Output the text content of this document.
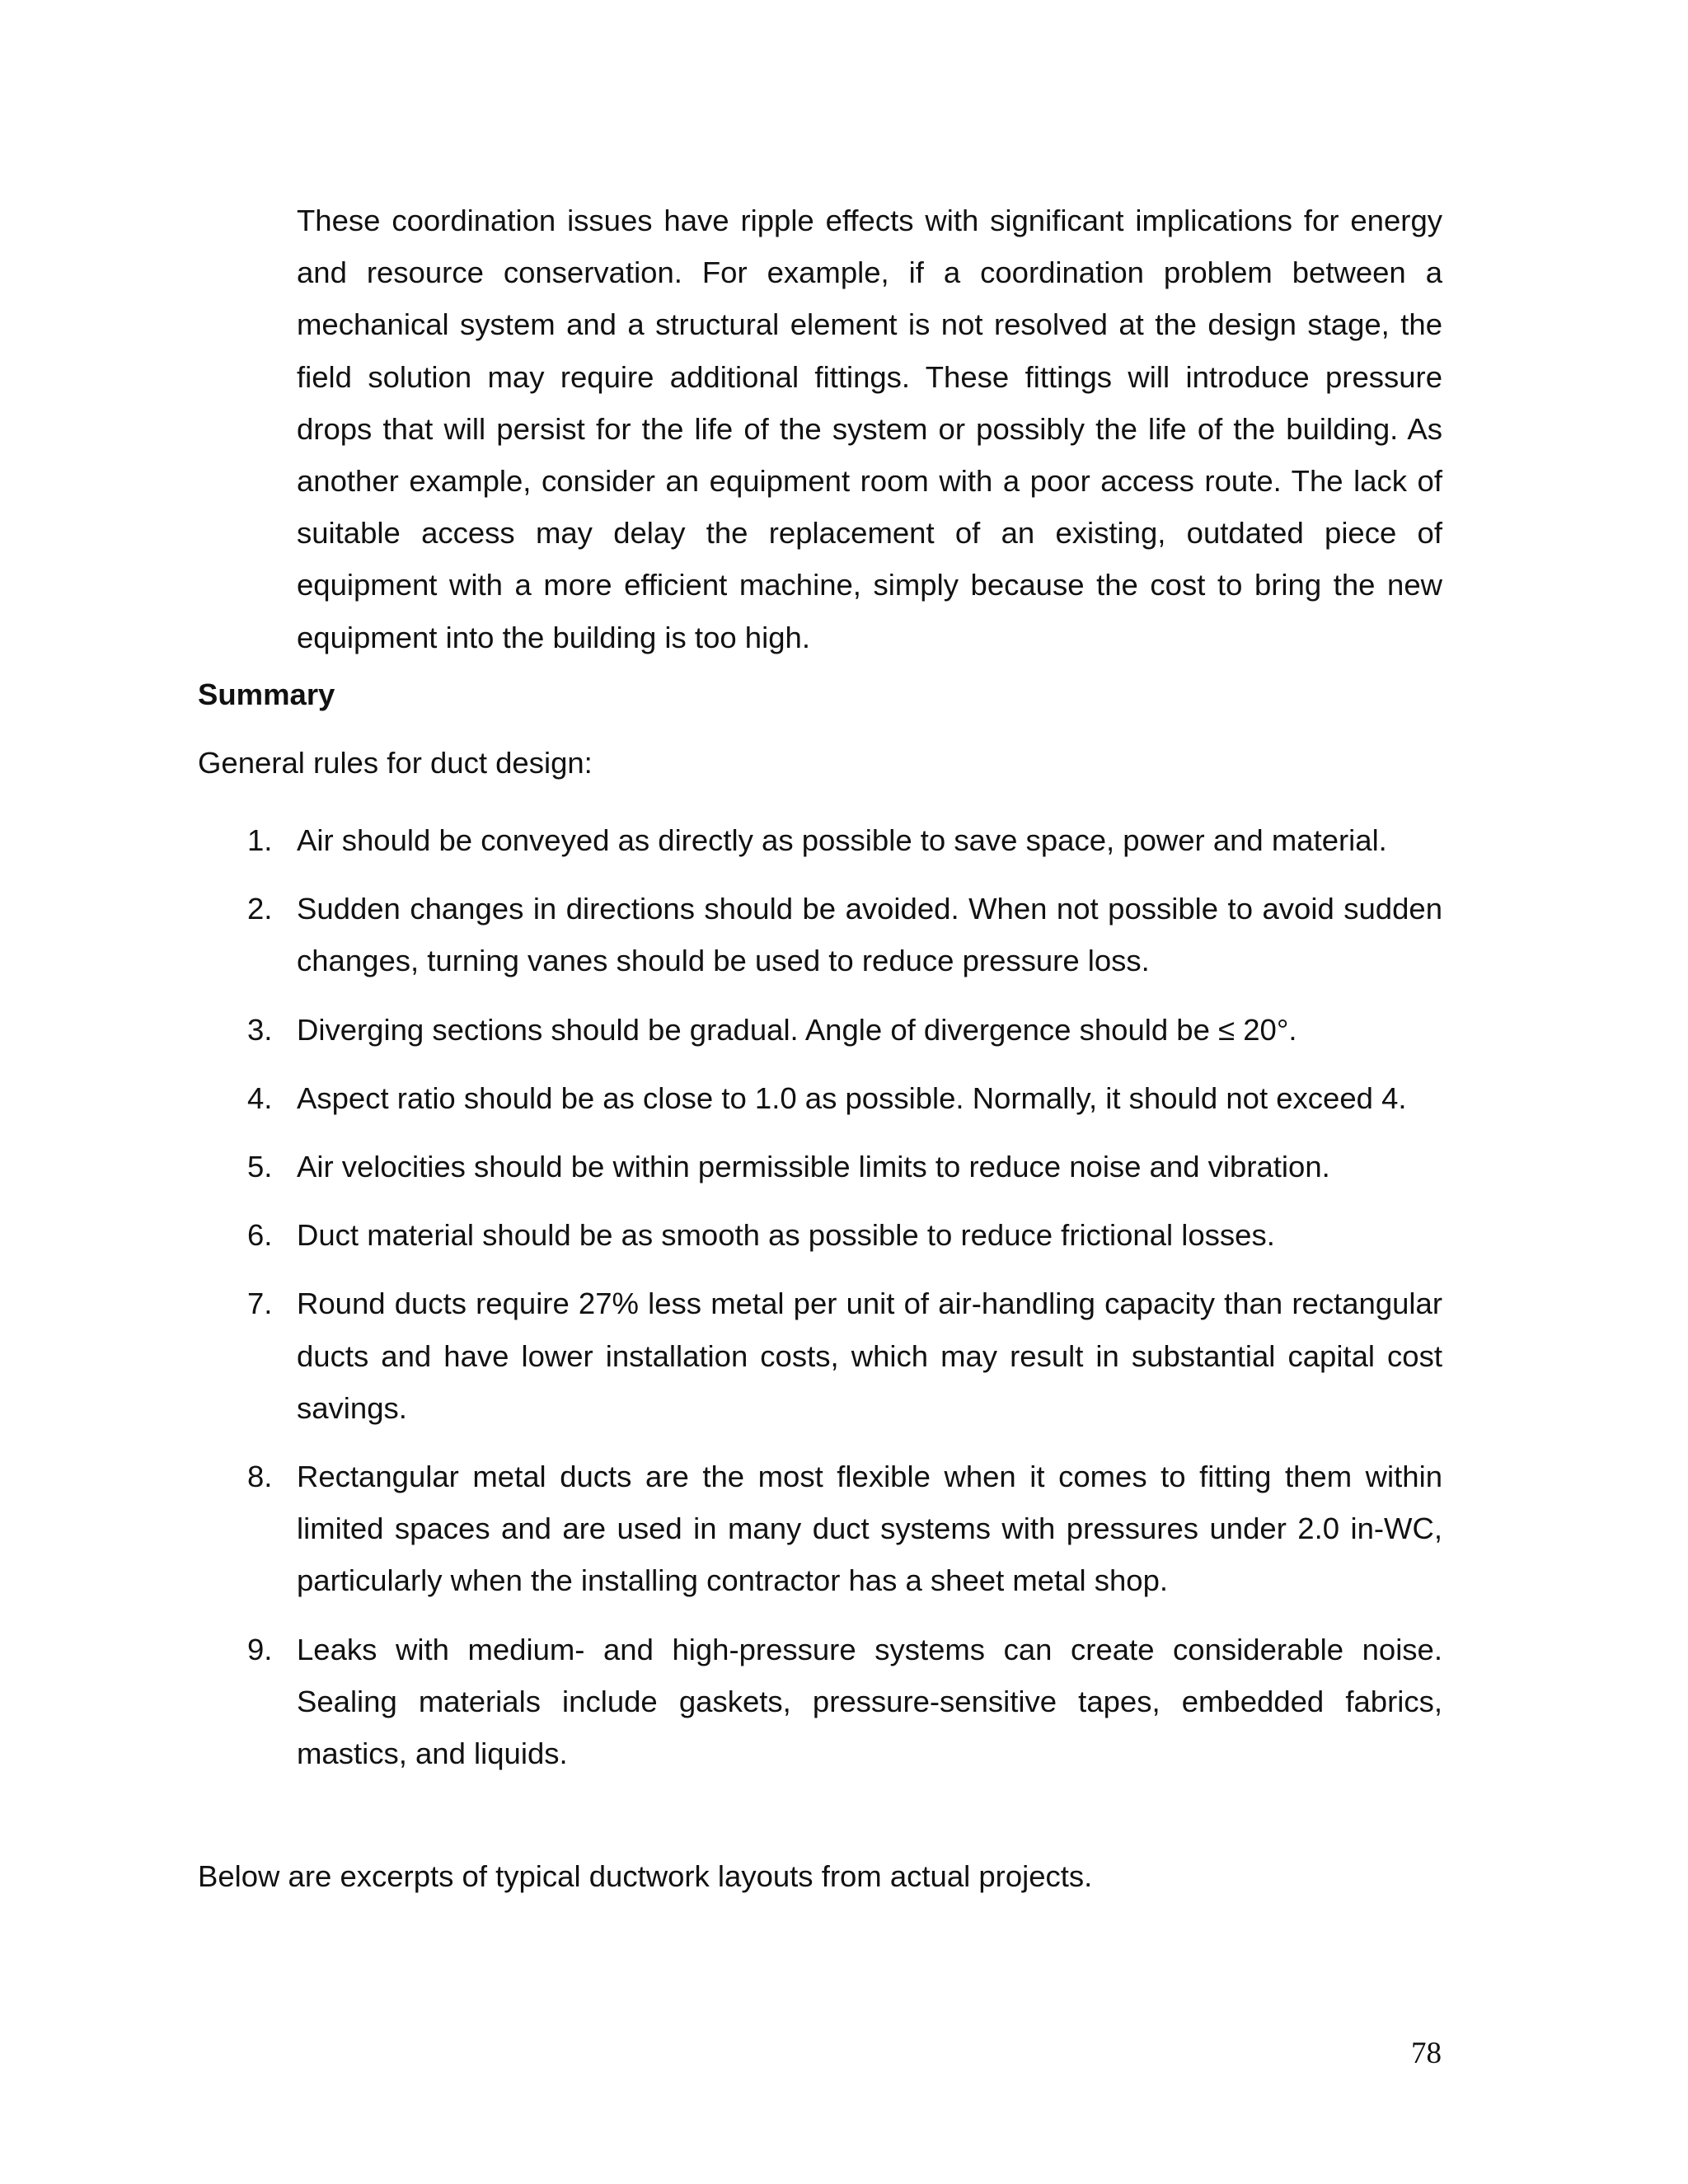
These coordination issues have ripple effects with significant implications for energy and resource conservation. For example, if a coordination problem between a mechanical system and a structural element is not resolved at the design stage, the field solution may require additional fittings. These fittings will introduce pressure drops that will persist for the life of the system or possibly the life of the building. As another example, consider an equipment room with a poor access route. The lack of suitable access may delay the replacement of an existing, outdated piece of equipment with a more efficient machine, simply because the cost to bring the new equipment into the building is too high.

Summary

General rules for duct design:

1. Air should be conveyed as directly as possible to save space, power and material.
2. Sudden changes in directions should be avoided. When not possible to avoid sudden changes, turning vanes should be used to reduce pressure loss.
3. Diverging sections should be gradual. Angle of divergence should be ≤ 20°.
4. Aspect ratio should be as close to 1.0 as possible. Normally, it should not exceed 4.
5. Air velocities should be within permissible limits to reduce noise and vibration.
6. Duct material should be as smooth as possible to reduce frictional losses.
7. Round ducts require 27% less metal per unit of air-handling capacity than rectangular ducts and have lower installation costs, which may result in substantial capital cost savings.
8. Rectangular metal ducts are the most flexible when it comes to fitting them within limited spaces and are used in many duct systems with pressures under 2.0 in-WC, particularly when the installing contractor has a sheet metal shop.
9. Leaks with medium- and high-pressure systems can create considerable noise. Sealing materials include gaskets, pressure-sensitive tapes, embedded fabrics, mastics, and liquids.

Below are excerpts of typical ductwork layouts from actual projects.

78
